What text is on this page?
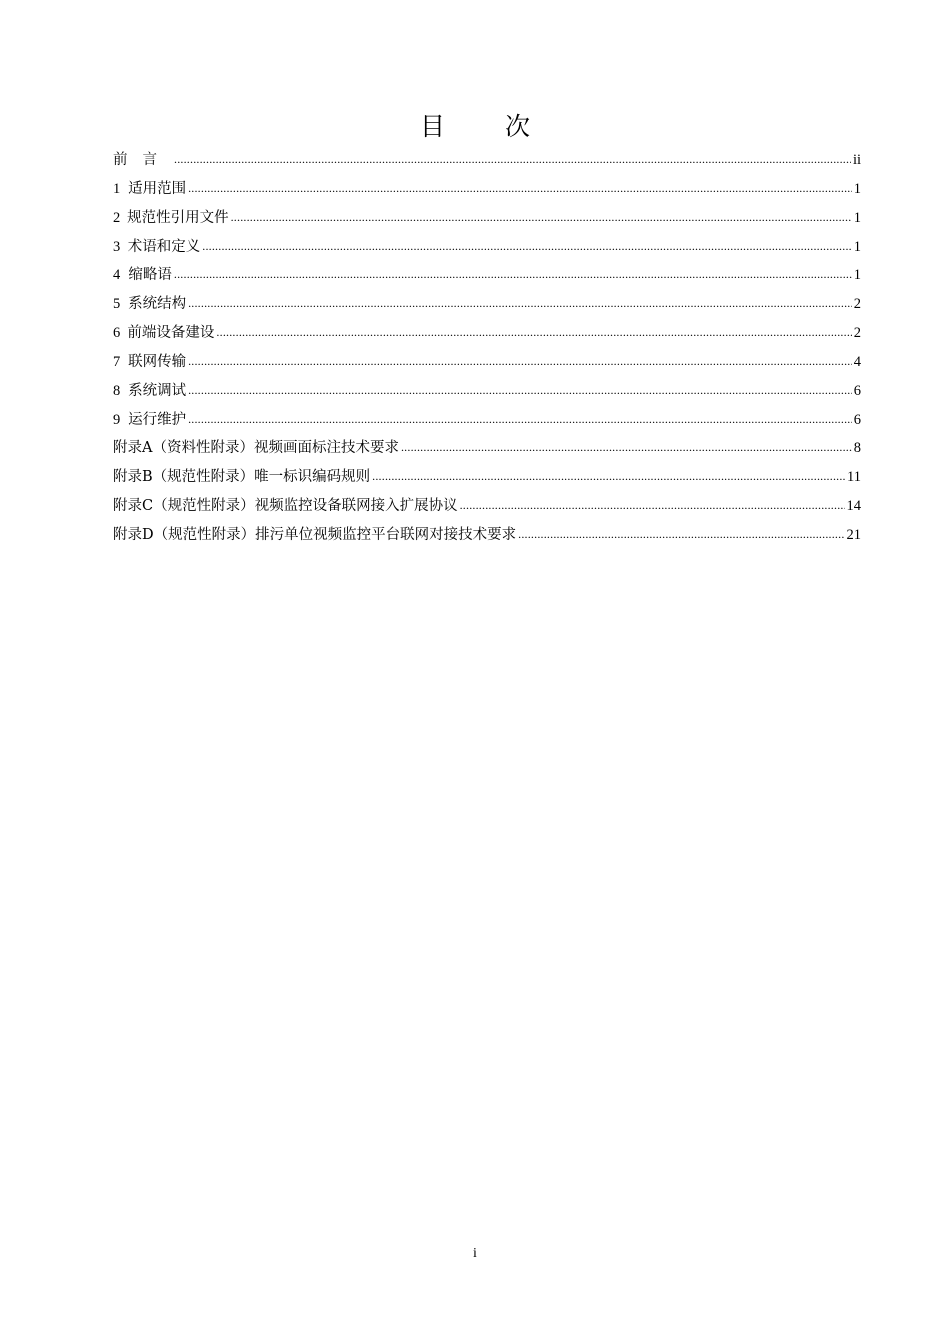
目次
前言 .....	ii
1 适用范围 .....	1
2 规范性引用文件 .....	1
3 术语和定义 .....	1
4 缩略语 .....	1
5 系统结构 .....	2
6 前端设备建设 .....	2
7 联网传输 .....	4
8 系统调试 .....	6
9 运行维护 .....	6
附录A（资料性附录） 视频画面标注技术要求 .....	8
附录B（规范性附录） 唯一标识编码规则 .....	11
附录C（规范性附录） 视频监控设备联网接入扩展协议 .....	14
附录D（规范性附录） 排污单位视频监控平台联网对接技术要求 .....	21
i
